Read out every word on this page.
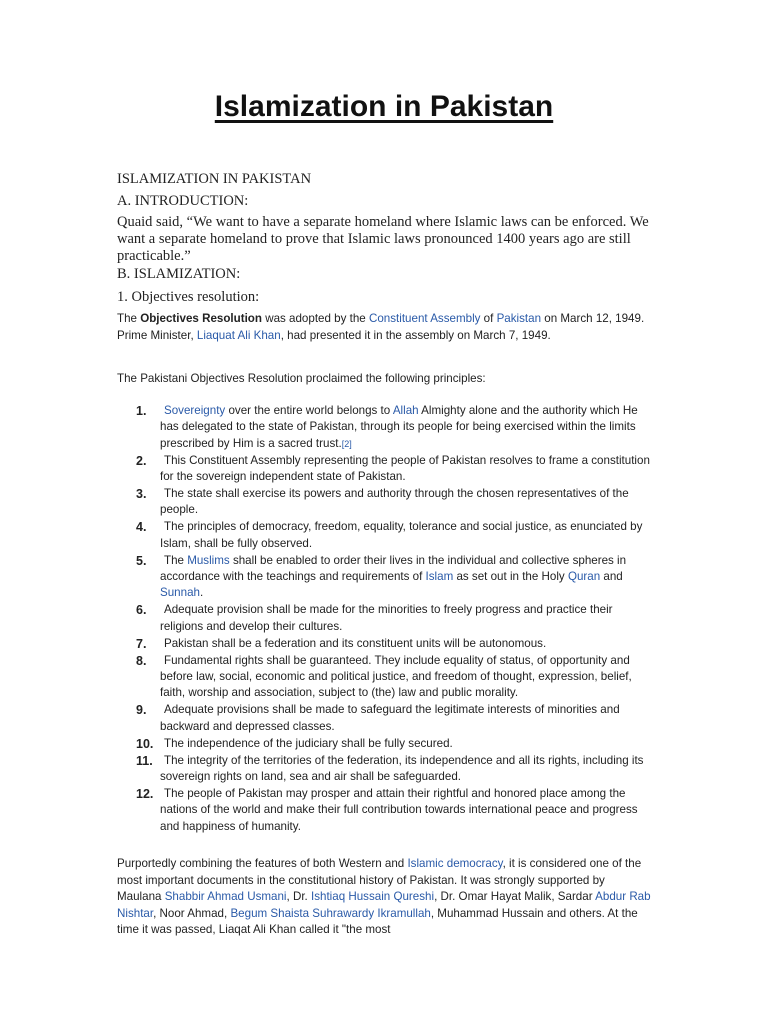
Islamization in Pakistan

ISLAMIZATION IN PAKISTAN

A. INTRODUCTION:

Quaid said, “We want to have a separate homeland where Islamic laws can be enforced. We want a separate homeland to prove that Islamic laws pronounced 1400 years ago are still practicable.”

B. ISLAMIZATION:

1. Objectives resolution:

The Objectives Resolution was adopted by the Constituent Assembly of Pakistan on March 12, 1949. Prime Minister, Liaquat Ali Khan, had presented it in the assembly on March 7, 1949.

The Pakistani Objectives Resolution proclaimed the following principles:

1.	Sovereignty over the entire world belongs to Allah Almighty alone and the authority which He has delegated to the state of Pakistan, through its people for being exercised within the limits prescribed by Him is a sacred trust.[2]
2.	This Constituent Assembly representing the people of Pakistan resolves to frame a constitution for the sovereign independent state of Pakistan.
3.	The state shall exercise its powers and authority through the chosen representatives of the people.
4.	The principles of democracy, freedom, equality, tolerance and social justice, as enunciated by Islam, shall be fully observed.
5.	The Muslims shall be enabled to order their lives in the individual and collective spheres in accordance with the teachings and requirements of Islam as set out in the Holy Quran and Sunnah.
6.	Adequate provision shall be made for the minorities to freely progress and practice their religions and develop their cultures.
7.	Pakistan shall be a federation and its constituent units will be autonomous.
8.	Fundamental rights shall be guaranteed. They include equality of status, of opportunity and before law, social, economic and political justice, and freedom of thought, expression, belief, faith, worship and association, subject to (the) law and public morality.
9.	Adequate provisions shall be made to safeguard the legitimate interests of minorities and backward and depressed classes.
10. The independence of the judiciary shall be fully secured.
11. The integrity of the territories of the federation, its independence and all its rights, including its sovereign rights on land, sea and air shall be safeguarded.
12. The people of Pakistan may prosper and attain their rightful and honored place among the nations of the world and make their full contribution towards international peace and progress and happiness of humanity.

Purportedly combining the features of both Western and Islamic democracy, it is considered one of the most important documents in the constitutional history of Pakistan. It was strongly supported by Maulana Shabbir Ahmad Usmani, Dr. Ishtiaq Hussain Qureshi, Dr. Omar Hayat Malik, Sardar Abdur Rab Nishtar, Noor Ahmad, Begum Shaista Suhrawardy Ikramullah, Muhammad Hussain and others. At the time it was passed, Liaqat Ali Khan called it "the most
